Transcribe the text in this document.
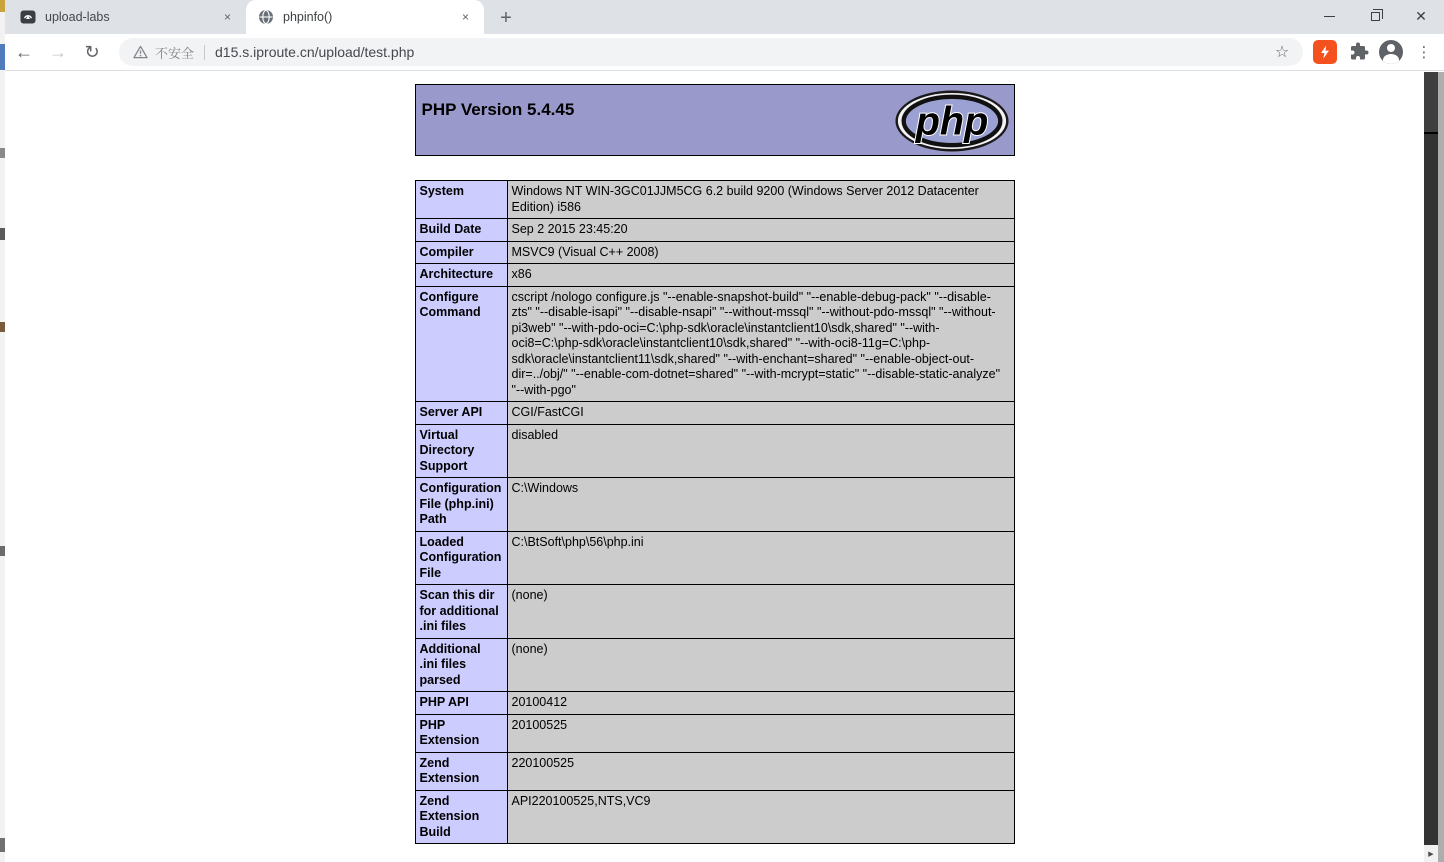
upload-labs	×	phpinfo()	×	+	✕
← → ↻	不安全 d15.s.iproute.cn/upload/test.php	☆	⋮
PHP Version 5.4.45	php
System	Windows NT WIN-3GC01JJM5CG 6.2 build 9200 (Windows Server 2012 Datacenter Edition) i586
Build Date	Sep 2 2015 23:45:20
Compiler	MSVC9 (Visual C++ 2008)
Architecture	x86
Configure Command	cscript /nologo configure.js "--enable-snapshot-build" "--enable-debug-pack" "--disable-zts" "--disable-isapi" "--disable-nsapi" "--without-mssql" "--without-pdo-mssql" "--without-pi3web" "--with-pdo-oci=C:\php-sdk\oracle\instantclient10\sdk,shared" "--with-oci8=C:\php-sdk\oracle\instantclient10\sdk,shared" "--with-oci8-11g=C:\php-sdk\oracle\instantclient11\sdk,shared" "--with-enchant=shared" "--enable-object-out-dir=../obj/" "--enable-com-dotnet=shared" "--with-mcrypt=static" "--disable-static-analyze" "--with-pgo"
Server API	CGI/FastCGI
Virtual Directory Support	disabled
Configuration File (php.ini) Path	C:\Windows
Loaded Configuration File	C:\BtSoft\php\56\php.ini
Scan this dir for additional .ini files	(none)
Additional .ini files parsed	(none)
PHP API	20100412
PHP Extension	20100525
Zend Extension	220100525
Zend Extension Build	API220100525,NTS,VC9
▶
